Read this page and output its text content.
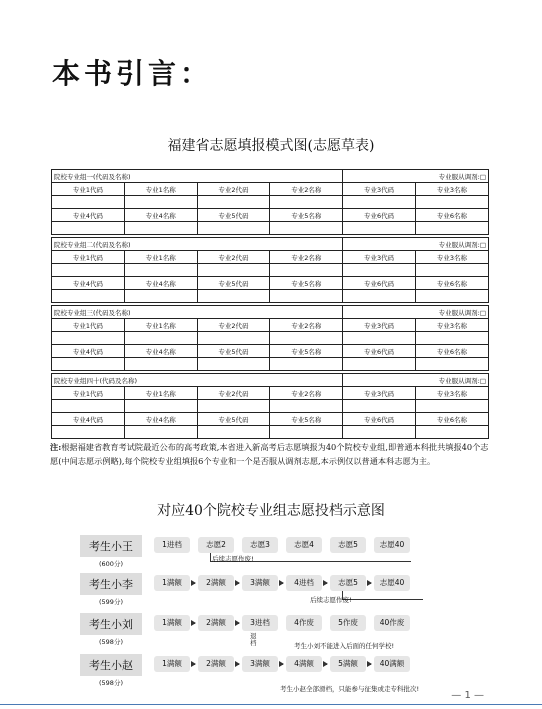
本书引言：
福建省志愿填报模式图(志愿草表)
院校专业组一(代码及名称)				专业服从调剂:□	
专业1代码	专业1名称	专业2代码	专业2名称	专业3代码	专业3名称

专业4代码	专业4名称	专业5代码	专业5名称	专业6代码	专业6名称

院校专业组二(代码及名称)				专业服从调剂:□	
专业1代码	专业1名称	专业2代码	专业2名称	专业3代码	专业3名称

专业4代码	专业4名称	专业5代码	专业5名称	专业6代码	专业6名称

院校专业组三(代码及名称)				专业服从调剂:□	
专业1代码	专业1名称	专业2代码	专业2名称	专业3代码	专业3名称

专业4代码	专业4名称	专业5代码	专业5名称	专业6代码	专业6名称

院校专业组四十(代码及名称)				专业服从调剂:□	
专业1代码	专业1名称	专业2代码	专业2名称	专业3代码	专业3名称

专业4代码	专业4名称	专业5代码	专业5名称	专业6代码	专业6名称

注:根据福建省教育考试院最近公布的高考政策,本省进入新高考后志愿填报为40个院校专业组,即普通本科批共填报40个志愿(中间志愿示例略),每个院校专业组填报6个专业和一个是否服从调剂志愿,本示例仅以普通本科志愿为主。
对应40个院校专业组志愿投档示意图
考生小王
(600分)
1进档	志愿2	志愿3	志愿4	志愿5	志愿40
后续志愿作废!
考生小李
(599分)
1满额	2满额	3满额	4进档	志愿5	志愿40
后续志愿作废!
考生小刘
(598分)
1满额	2满额	3进档	4作废	5作废	40作废
考生小刘不能进入后面的任何学校!
退档
考生小赵
(598分)
1满额	2满额	3满额	4满额	5满额	40满额
考生小赵全部滑档，只能参与征集或走专科批次!
— 1 —
